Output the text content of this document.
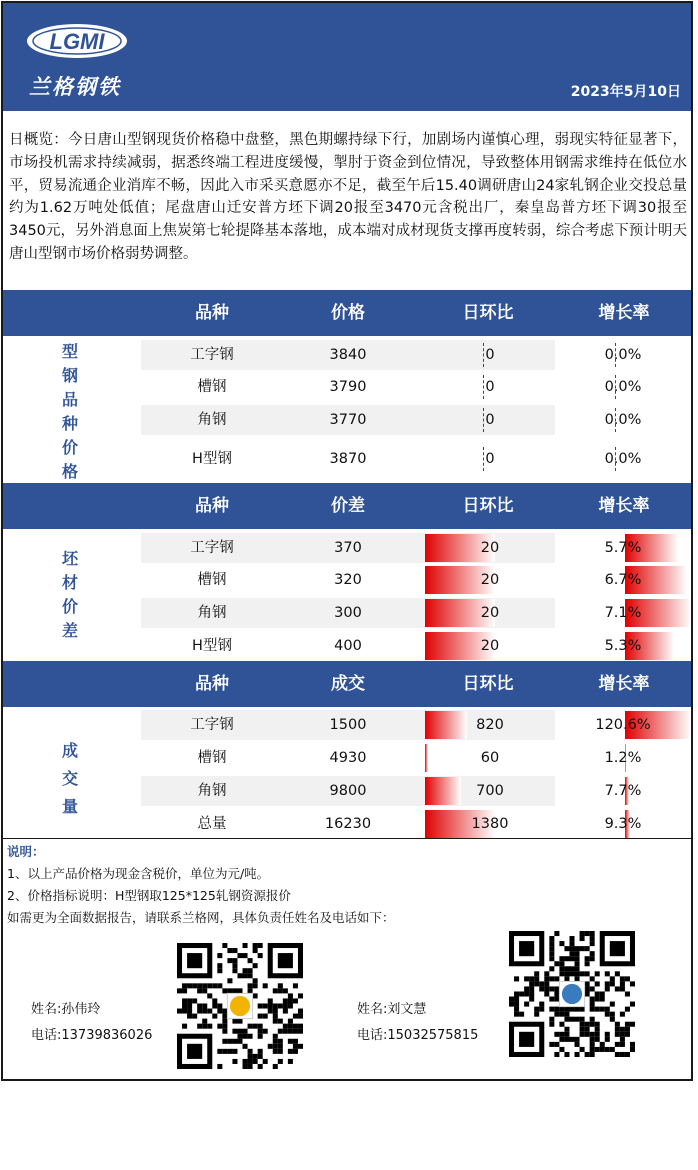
LGMI
兰格钢铁	2023年5月10日
日概览：今日唐山型钢现货价格稳中盘整，黑色期螺持绿下行，加剧场内谨慎心理，弱现实特征显著下，市场投机需求持续减弱，据悉终端工程进度缓慢，掣肘于资金到位情况，导致整体用钢需求维持在低位水平，贸易流通企业消库不畅，因此入市采买意愿亦不足，截至午后15.40调研唐山24家轧钢企业交投总量约为1.62万吨处低值；尾盘唐山迁安普方坯下调20报至3470元含税出厂，秦皇岛普方坯下调30报至3450元，另外消息面上焦炭第七轮提降基本落地，成本端对成材现货支撑再度转弱，综合考虑下预计明天唐山型钢市场价格弱势调整。
品种	价格	日环比	增长率
型
钢
品
种
价
格
工字钢	3840	0	0.0%
槽钢	3790	0	0.0%
角钢	3770	0	0.0%
H型钢	3870	0	0.0%
品种	价差	日环比	增长率
坯
材
价
差
工字钢	370	20	5.7%
槽钢	320	20	6.7%
角钢	300	20	7.1%
H型钢	400	20	5.3%
品种	成交	日环比	增长率
成
交
量
工字钢	1500	820	120.6%
槽钢	4930	60	1.2%
角钢	9800	700	7.7%
总量	16230	1380	9.3%
说明：
1、以上产品价格为现金含税价，单位为元/吨。
2、价格指标说明：H型钢取125*125轧钢资源报价
如需更为全面数据报告，请联系兰格网，具体负责任姓名及电话如下：
姓名:孙伟玲
电话:13739836026
姓名:刘文慧
电话:15032575815
